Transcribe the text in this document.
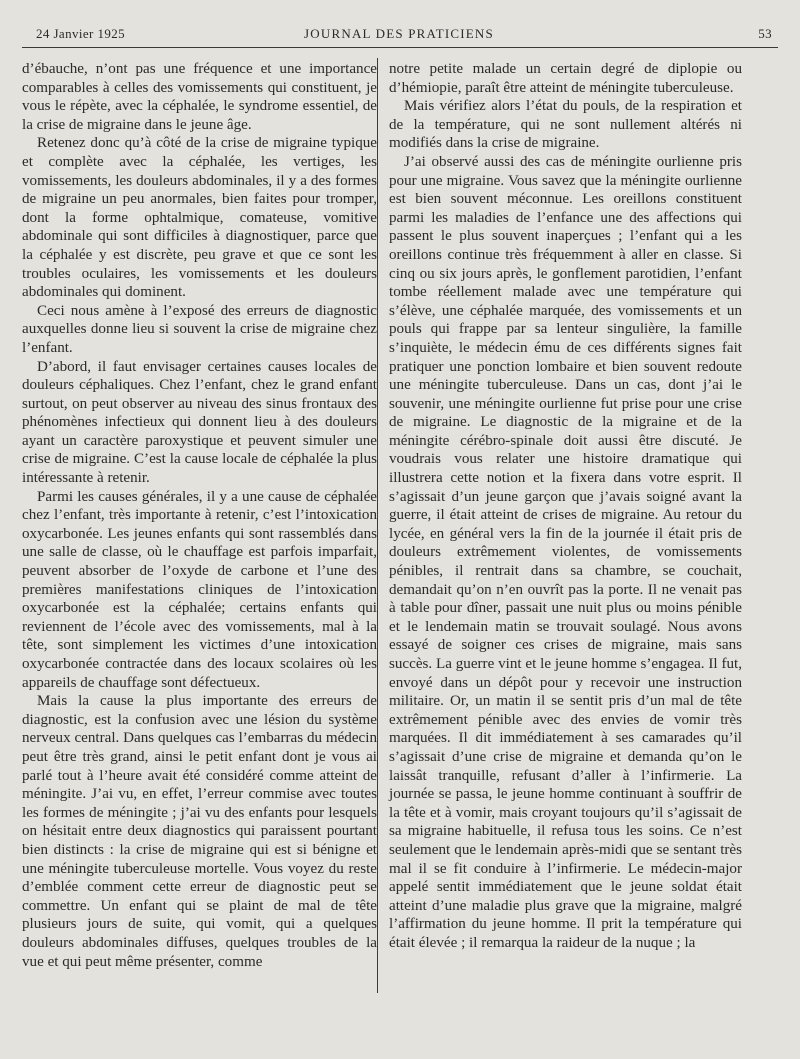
24 Janvier 1925	JOURNAL DES PRATICIENS	53

d’ébauche, n’ont pas une fréquence et une importance comparables à celles des vomissements qui constituent, je vous le répète, avec la céphalée, le syndrome essentiel, de la crise de migraine dans le jeune âge.

Retenez donc qu’à côté de la crise de migraine typique et complète avec la céphalée, les vertiges, les vomissements, les douleurs abdominales, il y a des formes de migraine un peu anormales, bien faites pour tromper, dont la forme ophtalmique, comateuse, vomitive abdominale qui sont difficiles à diagnostiquer, parce que la céphalée y est discrète, peu grave et que ce sont les troubles oculaires, les vomissements et les douleurs abdominales qui dominent.

Ceci nous amène à l’exposé des erreurs de diagnostic auxquelles donne lieu si souvent la crise de migraine chez l’enfant.

D’abord, il faut envisager certaines causes locales de douleurs céphaliques. Chez l’enfant, chez le grand enfant surtout, on peut observer au niveau des sinus frontaux des phénomènes infectieux qui donnent lieu à des douleurs ayant un caractère paroxystique et peuvent simuler une crise de migraine. C’est la cause locale de céphalée la plus intéressante à retenir.

Parmi les causes générales, il y a une cause de céphalée chez l’enfant, très importante à retenir, c’est l’intoxication oxycarbonée. Les jeunes enfants qui sont rassemblés dans une salle de classe, où le chauffage est parfois imparfait, peuvent absorber de l’oxyde de carbone et l’une des premières manifestations cliniques de l’intoxication oxycarbonée est la céphalée; certains enfants qui reviennent de l’école avec des vomissements, mal à la tête, sont simplement les victimes d’une intoxication oxycarbonée contractée dans des locaux scolaires où les appareils de chauffage sont défectueux.

Mais la cause la plus importante des erreurs de diagnostic, est la confusion avec une lésion du système nerveux central. Dans quelques cas l’embarras du médecin peut être très grand, ainsi le petit enfant dont je vous ai parlé tout à l’heure avait été considéré comme atteint de méningite. J’ai vu, en effet, l’erreur commise avec toutes les formes de méningite ; j’ai vu des enfants pour lesquels on hésitait entre deux diagnostics qui paraissent pourtant bien distincts : la crise de migraine qui est si bénigne et une méningite tuberculeuse mortelle. Vous voyez du reste d’emblée comment cette erreur de diagnostic peut se commettre. Un enfant qui se plaint de mal de tête plusieurs jours de suite, qui vomit, qui a quelques douleurs abdominales diffuses, quelques troubles de la vue et qui peut même présenter, comme

notre petite malade un certain degré de diplopie ou d’hémiopie, paraît être atteint de méningite tuberculeuse.

Mais vérifiez alors l’état du pouls, de la respiration et de la température, qui ne sont nullement altérés ni modifiés dans la crise de migraine.

J’ai observé aussi des cas de méningite ourlienne pris pour une migraine. Vous savez que la méningite ourlienne est bien souvent méconnue. Les oreillons constituent parmi les maladies de l’enfance une des affections qui passent le plus souvent inaperçues ; l’enfant qui a les oreillons continue très fréquemment à aller en classe. Si cinq ou six jours après, le gonflement parotidien, l’enfant tombe réellement malade avec une température qui s’élève, une céphalée marquée, des vomissements et un pouls qui frappe par sa lenteur singulière, la famille s’inquiète, le médecin ému de ces différents signes fait pratiquer une ponction lombaire et bien souvent redoute une méningite tuberculeuse. Dans un cas, dont j’ai le souvenir, une méningite ourlienne fut prise pour une crise de migraine. Le diagnostic de la migraine et de la méningite cérébro-spinale doit aussi être discuté. Je voudrais vous relater une histoire dramatique qui illustrera cette notion et la fixera dans votre esprit. Il s’agissait d’un jeune garçon que j’avais soigné avant la guerre, il était atteint de crises de migraine. Au retour du lycée, en général vers la fin de la journée il était pris de douleurs extrêmement violentes, de vomissements pénibles, il rentrait dans sa chambre, se couchait, demandait qu’on n’en ouvrît pas la porte. Il ne venait pas à table pour dîner, passait une nuit plus ou moins pénible et le lendemain matin se trouvait soulagé. Nous avons essayé de soigner ces crises de migraine, mais sans succès. La guerre vint et le jeune homme s’engagea. Il fut, envoyé dans un dépôt pour y recevoir une instruction militaire. Or, un matin il se sentit pris d’un mal de tête extrêmement pénible avec des envies de vomir très marquées. Il dit immédiatement à ses camarades qu’il s’agissait d’une crise de migraine et demanda qu’on le laissât tranquille, refusant d’aller à l’infirmerie. La journée se passa, le jeune homme continuant à souffrir de la tête et à vomir, mais croyant toujours qu’il s’agissait de sa migraine habituelle, il refusa tous les soins. Ce n’est seulement que le lendemain après-midi que se sentant très mal il se fit conduire à l’infirmerie. Le médecin-major appelé sentit immédiatement que le jeune soldat était atteint d’une maladie plus grave que la migraine, malgré l’affirmation du jeune homme. Il prit la température qui était élevée ; il remarqua la raideur de la nuque ; la
